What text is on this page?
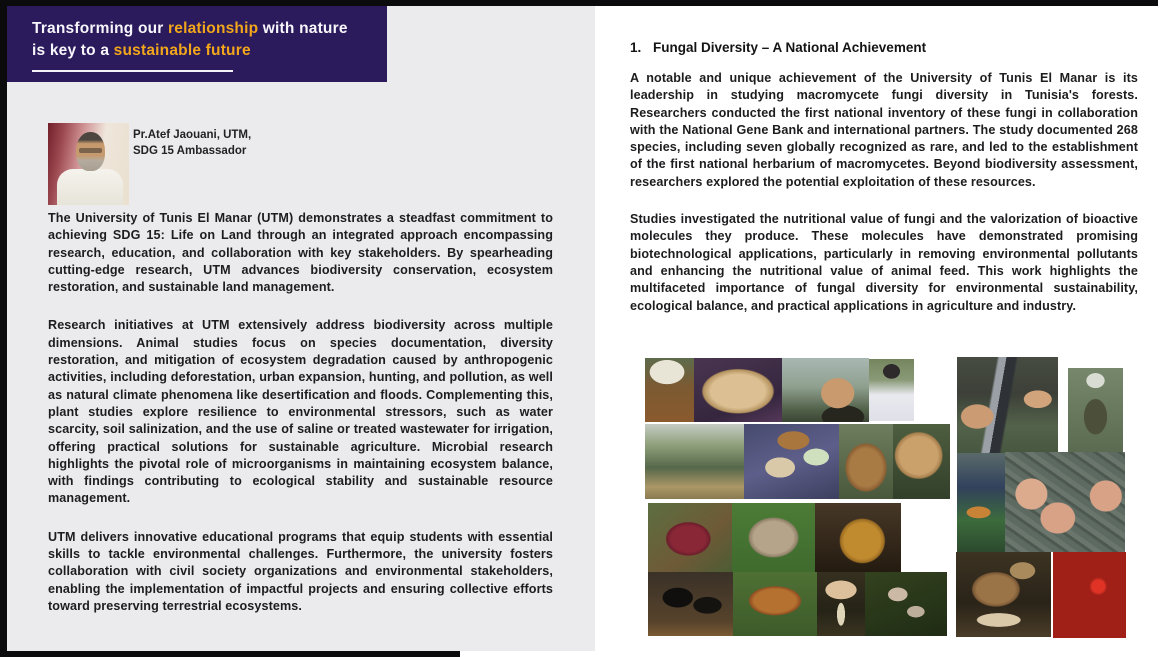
Transforming our relationship with nature
is key to a sustainable future
Pr.Atef Jaouani, UTM,
SDG 15 Ambassador

The University of Tunis El Manar (UTM) demonstrates a steadfast commitment to achieving SDG 15: Life on Land through an integrated approach encompassing research, education, and collaboration with key stakeholders. By spearheading cutting-edge research, UTM advances biodiversity conservation, ecosystem restoration, and sustainable land management.

Research initiatives at UTM extensively address biodiversity across multiple dimensions. Animal studies focus on species documentation, diversity restoration, and mitigation of ecosystem degradation caused by anthropogenic activities, including deforestation, urban expansion, hunting, and pollution, as well as natural climate phenomena like desertification and floods. Complementing this, plant studies explore resilience to environmental stressors, such as water scarcity, soil salinization, and the use of saline or treated wastewater for irrigation, offering practical solutions for sustainable agriculture. Microbial research highlights the pivotal role of microorganisms in maintaining ecosystem balance, with findings contributing to ecological stability and sustainable resource management.

UTM delivers innovative educational programs that equip students with essential skills to tackle environmental challenges. Furthermore, the university fosters collaboration with civil society organizations and environmental stakeholders, enabling the implementation of impactful projects and ensuring collective efforts toward preserving terrestrial ecosystems.

1. Fungal Diversity – A National Achievement

A notable and unique achievement of the University of Tunis El Manar is its leadership in studying macromycete fungi diversity in Tunisia's forests. Researchers conducted the first national inventory of these fungi in collaboration with the National Gene Bank and international partners. The study documented 268 species, including seven globally recognized as rare, and led to the establishment of the first national herbarium of macromycetes. Beyond biodiversity assessment, researchers explored the potential exploitation of these resources.

Studies investigated the nutritional value of fungi and the valorization of bioactive molecules they produce. These molecules have demonstrated promising biotechnological applications, particularly in removing environmental pollutants and enhancing the nutritional value of animal feed. This work highlights the multifaceted importance of fungal diversity for environmental sustainability, ecological balance, and practical applications in agriculture and industry.
